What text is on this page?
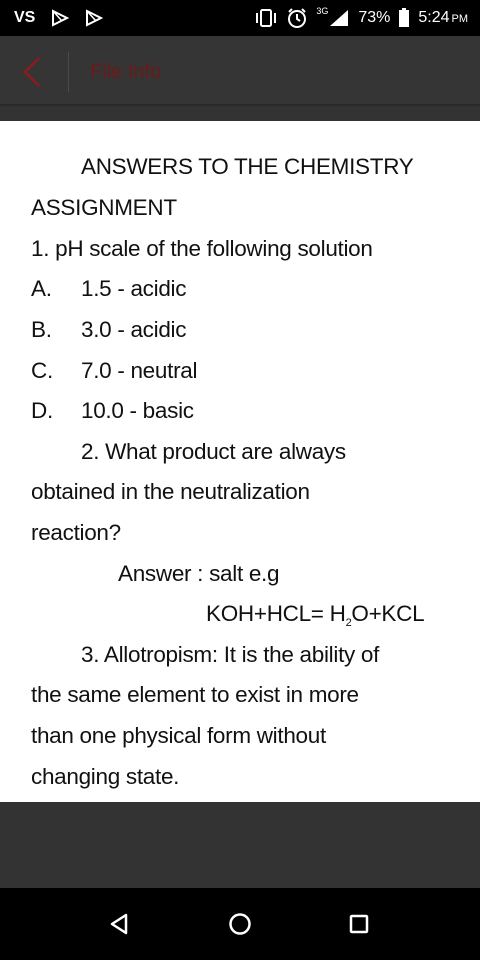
VS	3G 73% 5:24 PM
File Info
ANSWERS TO THE CHEMISTRY
ASSIGNMENT
1. pH scale of the following solution
A. 1.5 - acidic
B. 3.0 - acidic
C. 7.0 - neutral
D. 10.0 - basic
2. What product are always
obtained in the neutralization
reaction?
Answer : salt e.g
$KOH+HCL= H_2O+KCL$
3. Allotropism: It is the ability of
the same element to exist in more
than one physical form without
changing state.
